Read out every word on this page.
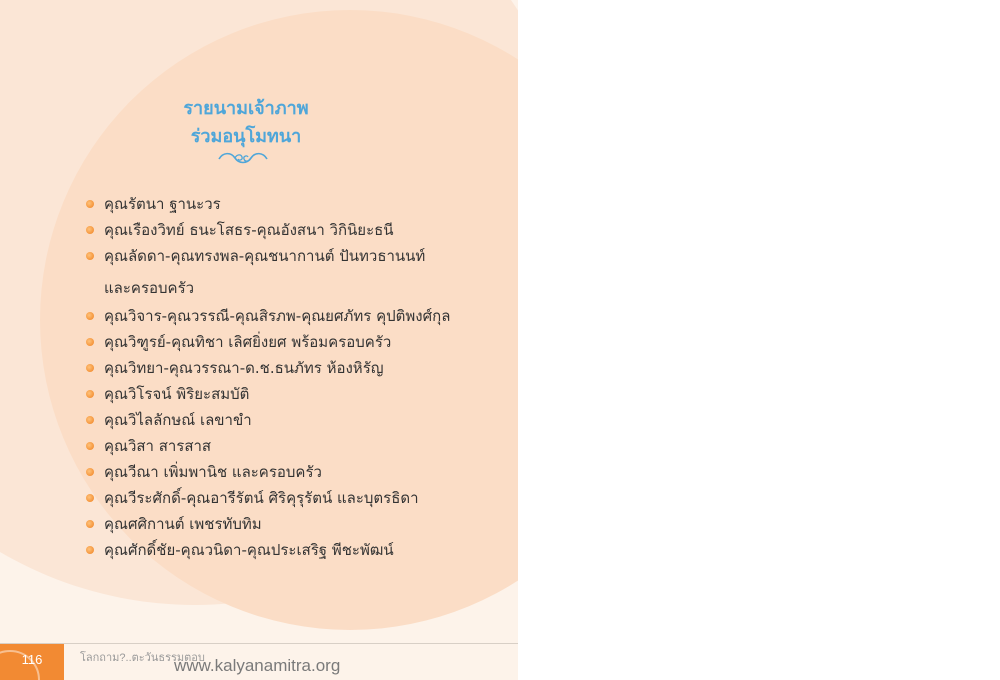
รายนามเจ้าภาพ
ร่วมอนุโมทนา
คุณรัตนา ฐานะวร
คุณเรืองวิทย์ ธนะโสธร-คุณอังสนา วิกินิยะธนี
คุณลัดดา-คุณทรงพล-คุณชนากานต์ ปันทวธานนท์
และครอบครัว
คุณวิจาร-คุณวรรณี-คุณสิรภพ-คุณยศภัทร คุปติพงศ์กุล
คุณวิฑูรย์-คุณทิชา เลิศยิ่งยศ พร้อมครอบครัว
คุณวิทยา-คุณวรรณา-ด.ช.ธนภัทร ห้องหิรัญ
คุณวิโรจน์ พิริยะสมบัติ
คุณวิไลลักษณ์ เลขาขำ
คุณวิสา สารสาส
คุณวีณา เพิ่มพานิช และครอบครัว
คุณวีระศักดิ์-คุณอารีรัตน์ ศิริคุรุรัตน์ และบุตรธิดา
คุณศศิกานต์ เพชรทับทิม
คุณศักดิ์ชัย-คุณวนิดา-คุณประเสริฐ พีชะพัฒน์
116	โลกถาม?..ตะวันธรรมตอบ
www.kalyanamitra.org
